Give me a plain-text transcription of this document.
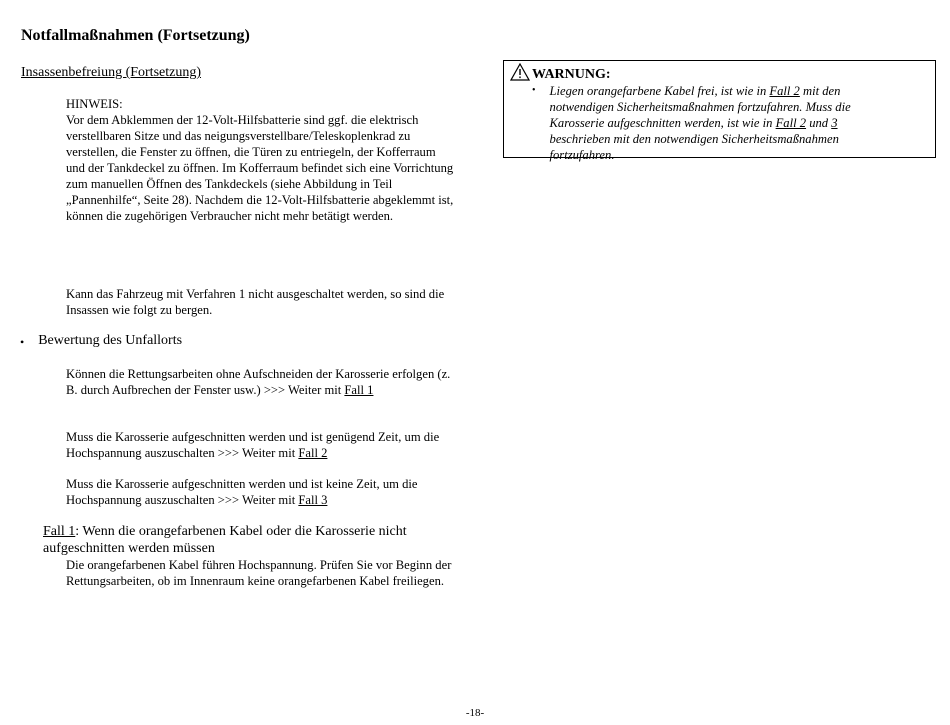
Notfallmaßnahmen (Fortsetzung)
Insassenbefreiung (Fortsetzung)
HINWEIS:
Vor dem Abklemmen der 12-Volt-Hilfsbatterie sind ggf. die elektrisch verstellbaren Sitze und das neigungsverstellbare/Teleskoplenkrad zu verstellen, die Fenster zu öffnen, die Türen zu entriegeln, der Kofferraum und der Tankdeckel zu öffnen. Im Kofferraum befindet sich eine Vorrichtung zum manuellen Öffnen des Tankdeckels (siehe Abbildung in Teil „Pannenhilfe“, Seite 28). Nachdem die 12-Volt-Hilfsbatterie abgeklemmt ist, können die zugehörigen Verbraucher nicht mehr betätigt werden.
Kann das Fahrzeug mit Verfahren 1 nicht ausgeschaltet werden, so sind die Insassen wie folgt zu bergen.
• Bewertung des Unfallorts
Können die Rettungsarbeiten ohne Aufschneiden der Karosserie erfolgen (z. B. durch Aufbrechen der Fenster usw.) >>> Weiter mit Fall 1
Muss die Karosserie aufgeschnitten werden und ist genügend Zeit, um die Hochspannung auszuschalten >>> Weiter mit Fall 2
Muss die Karosserie aufgeschnitten werden und ist keine Zeit, um die Hochspannung auszuschalten >>> Weiter mit Fall 3
Fall 1: Wenn die orangefarbenen Kabel oder die Karosserie nicht aufgeschnitten werden müssen
Die orangefarbenen Kabel führen Hochspannung. Prüfen Sie vor Beginn der Rettungsarbeiten, ob im Innenraum keine orangefarbenen Kabel freiliegen.
WARNUNG:
• Liegen orangefarbene Kabel frei, ist wie in Fall 2 mit den notwendigen Sicherheitsmaßnahmen fortzufahren. Muss die Karosserie aufgeschnitten werden, ist wie in Fall 2 und 3 beschrieben mit den notwendigen Sicherheitsmaßnahmen fortzufahren.
-18-
